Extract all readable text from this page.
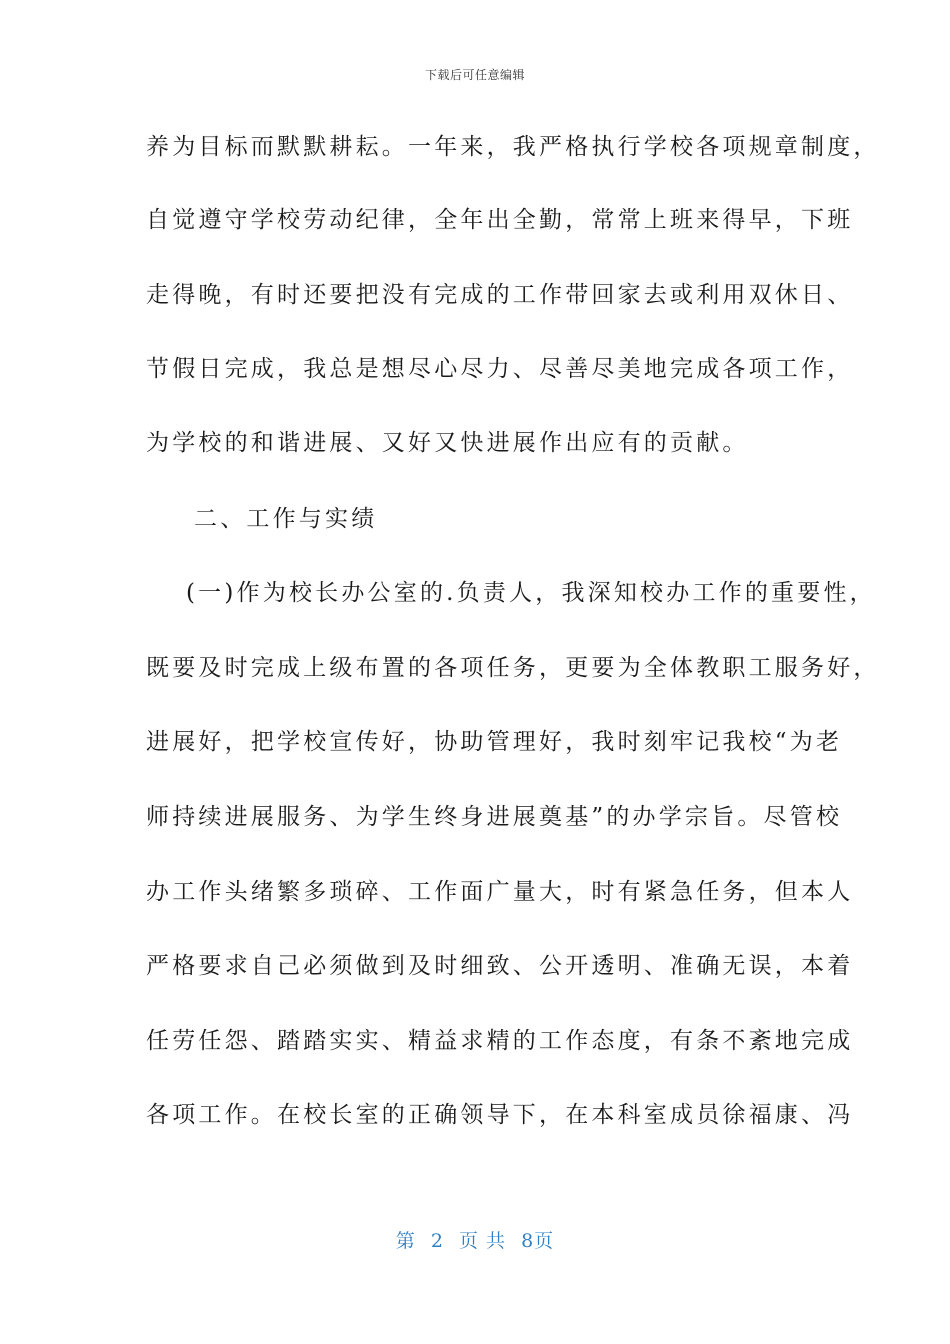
下载后可任意编辑
养为目标而默默耕耘。一年来，我严格执行学校各项规章制度，
自觉遵守学校劳动纪律，全年出全勤，常常上班来得早，下班
走得晚，有时还要把没有完成的工作带回家去或利用双休日、
节假日完成，我总是想尽心尽力、尽善尽美地完成各项工作，
为学校的和谐进展、又好又快进展作出应有的贡献。
二、工作与实绩
(一)作为校长办公室的.负责人，我深知校办工作的重要性，
既要及时完成上级布置的各项任务，更要为全体教职工服务好，
进展好，把学校宣传好，协助管理好，我时刻牢记我校“为老
师持续进展服务、为学生终身进展奠基”的办学宗旨。尽管校
办工作头绪繁多琐碎、工作面广量大，时有紧急任务，但本人
严格要求自己必须做到及时细致、公开透明、准确无误，本着
任劳任怨、踏踏实实、精益求精的工作态度，有条不紊地完成
各项工作。在校长室的正确领导下，在本科室成员徐福康、冯
第 2 页 共 8页
